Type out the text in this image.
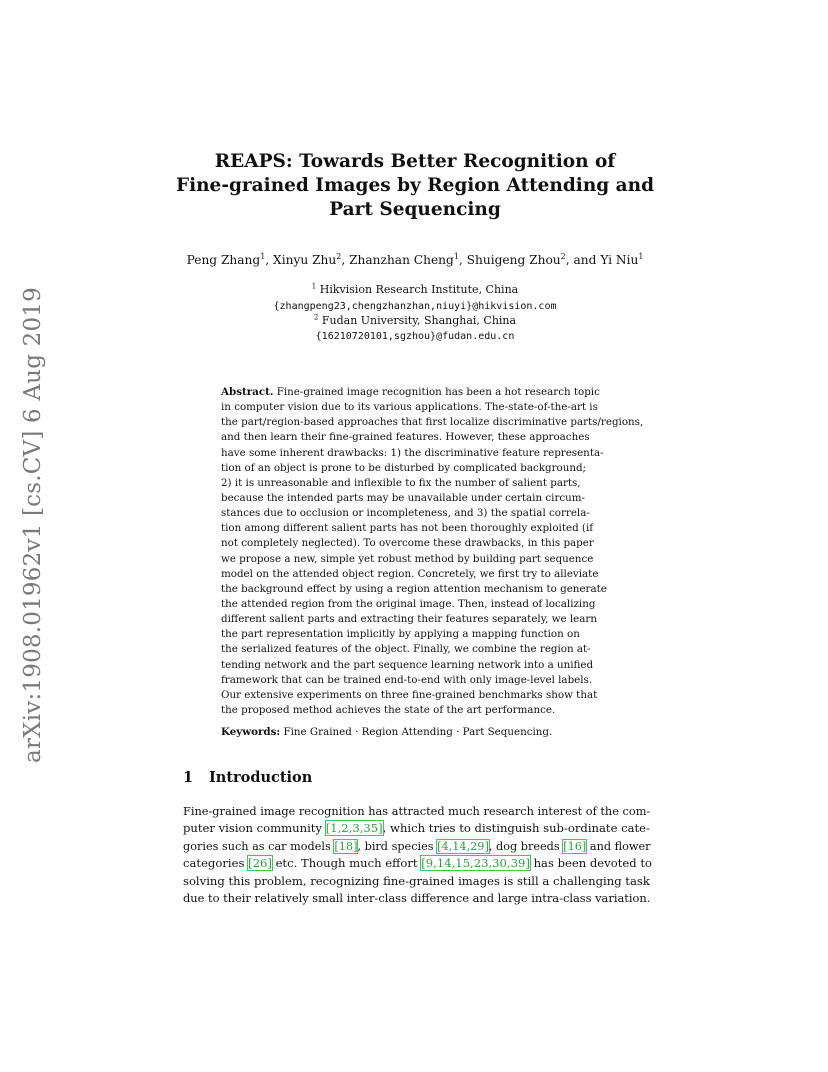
arXiv:1908.01962v1 [cs.CV] 6 Aug 2019
REAPS: Towards Better Recognition of
Fine-grained Images by Region Attending and
Part Sequencing
Peng Zhang$^1$, Xinyu Zhu$^2$, Zhanzhan Cheng$^1$, Shuigeng Zhou$^2$, and Yi Niu$^1$
$^1$ Hikvision Research Institute, China
{zhangpeng23,chengzhanzhan,niuyi}@hikvision.com
$^2$ Fudan University, Shanghai, China
{16210720101,sgzhou}@fudan.edu.cn
Abstract. Fine-grained image recognition has been a hot research topic
in computer vision due to its various applications. The-state-of-the-art is
the part/region-based approaches that first localize discriminative parts/regions,
and then learn their fine-grained features. However, these approaches
have some inherent drawbacks: 1) the discriminative feature representa-
tion of an object is prone to be disturbed by complicated background;
2) it is unreasonable and inflexible to fix the number of salient parts,
because the intended parts may be unavailable under certain circum-
stances due to occlusion or incompleteness, and 3) the spatial correla-
tion among different salient parts has not been thoroughly exploited (if
not completely neglected). To overcome these drawbacks, in this paper
we propose a new, simple yet robust method by building part sequence
model on the attended object region. Concretely, we first try to alleviate
the background effect by using a region attention mechanism to generate
the attended region from the original image. Then, instead of localizing
different salient parts and extracting their features separately, we learn
the part representation implicitly by applying a mapping function on
the serialized features of the object. Finally, we combine the region at-
tending network and the part sequence learning network into a unified
framework that can be trained end-to-end with only image-level labels.
Our extensive experiments on three fine-grained benchmarks show that
the proposed method achieves the state of the art performance.
Keywords: Fine Grained · Region Attending · Part Sequencing.
1 Introduction
Fine-grained image recognition has attracted much research interest of the com-
puter vision community [1,2,3,35], which tries to distinguish sub-ordinate cate-
gories such as car models [18], bird species [4,14,29], dog breeds [16] and flower
categories [26] etc. Though much effort [9,14,15,23,30,39] has been devoted to
solving this problem, recognizing fine-grained images is still a challenging task
due to their relatively small inter-class difference and large intra-class variation.
